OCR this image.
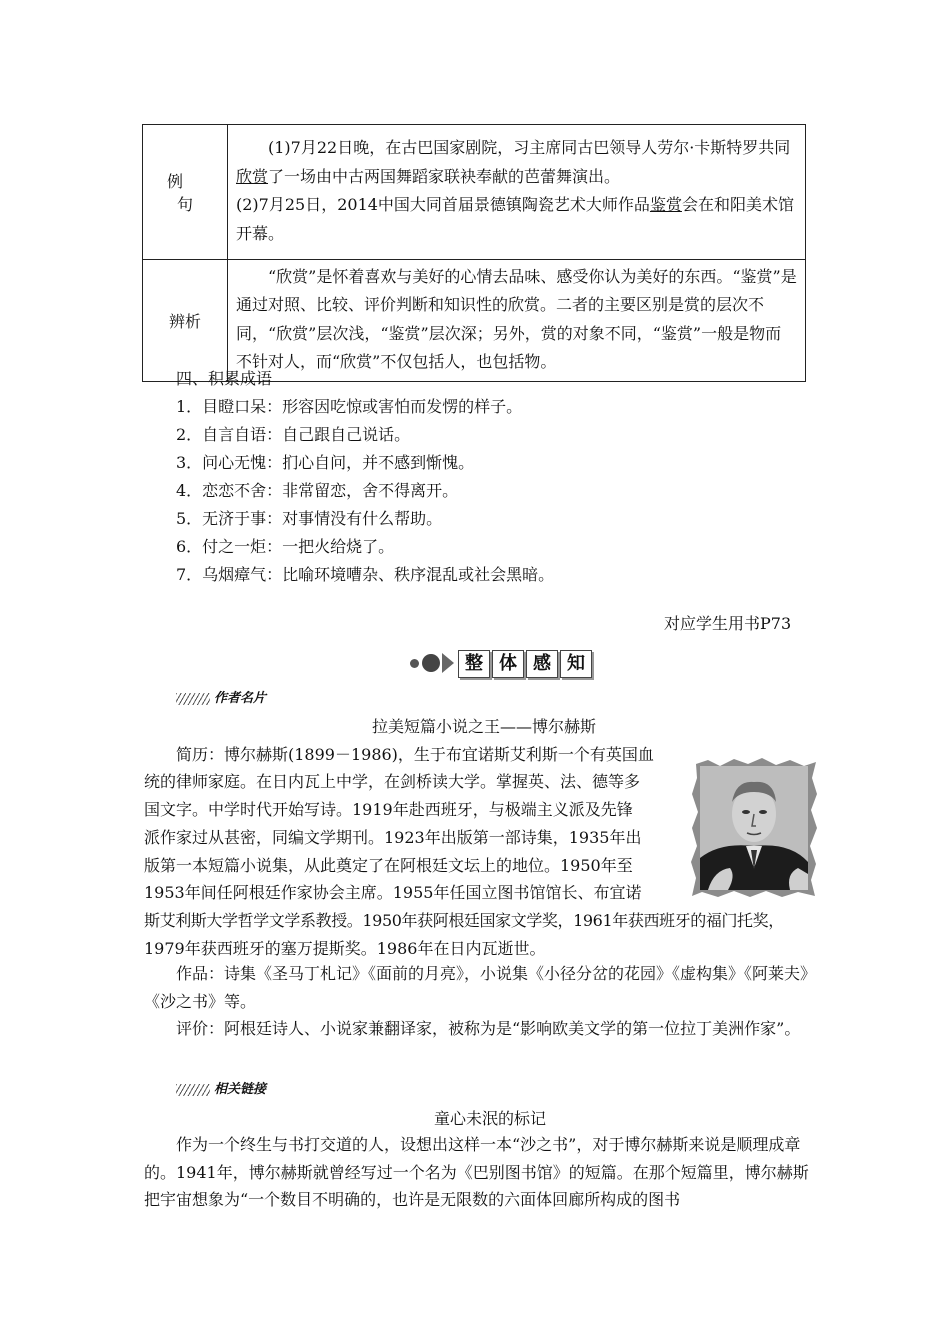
例　句	(1)7月22日晚，在古巴国家剧院，习主席同古巴领导人劳尔·卡斯特罗共同欣赏了一场由中古两国舞蹈家联袂奉献的芭蕾舞演出。
(2)7月25日，2014中国大同首届景德镇陶瓷艺术大师作品鉴赏会在和阳美术馆开幕。

辨析	“欣赏”是怀着喜欢与美好的心情去品味、感受你认为美好的东西。“鉴赏”是通过对照、比较、评价判断和知识性的欣赏。二者的主要区别是赏的层次不同，“欣赏”层次浅，“鉴赏”层次深；另外，赏的对象不同，“鉴赏”一般是物而不针对人，而“欣赏”不仅包括人，也包括物。
四、积累成语
1．目瞪口呆：形容因吃惊或害怕而发愣的样子。
2．自言自语：自己跟自己说话。
3．问心无愧：扪心自问，并不感到惭愧。
4．恋恋不舍：非常留恋，舍不得离开。
5．无济于事：对事情没有什么帮助。
6．付之一炬：一把火给烧了。
7．乌烟瘴气：比喻环境嘈杂、秩序混乱或社会黑暗。
对应学生用书P73
整 体 感 知
作者名片
拉美短篇小说之王——博尔赫斯
简历：博尔赫斯(1899－1986)，生于布宜诺斯艾利斯一个有英国血
统的律师家庭。在日内瓦上中学，在剑桥读大学。掌握英、法、德等多
国文字。中学时代开始写诗。1919年赴西班牙，与极端主义派及先锋
派作家过从甚密，同编文学期刊。1923年出版第一部诗集，1935年出
版第一本短篇小说集，从此奠定了在阿根廷文坛上的地位。1950年至
1953年间任阿根廷作家协会主席。1955年任国立图书馆馆长、布宜诺
斯艾利斯大学哲学文学系教授。1950年获阿根廷国家文学奖，1961年获西班牙的福门托奖，
1979年获西班牙的塞万提斯奖。1986年在日内瓦逝世。
作品：诗集《圣马丁札记》《面前的月亮》，小说集《小径分岔的花园》《虚构集》《阿莱夫》《沙之书》等。
评价：阿根廷诗人、小说家兼翻译家，被称为是“影响欧美文学的第一位拉丁美洲作家”。
相关链接
童心未泯的标记
作为一个终生与书打交道的人，设想出这样一本“沙之书”，对于博尔赫斯来说是顺理成章的。1941年，博尔赫斯就曾经写过一个名为《巴别图书馆》的短篇。在那个短篇里，博尔赫斯把宇宙想象为“一个数目不明确的，也许是无限数的六面体回廊所构成的图书
